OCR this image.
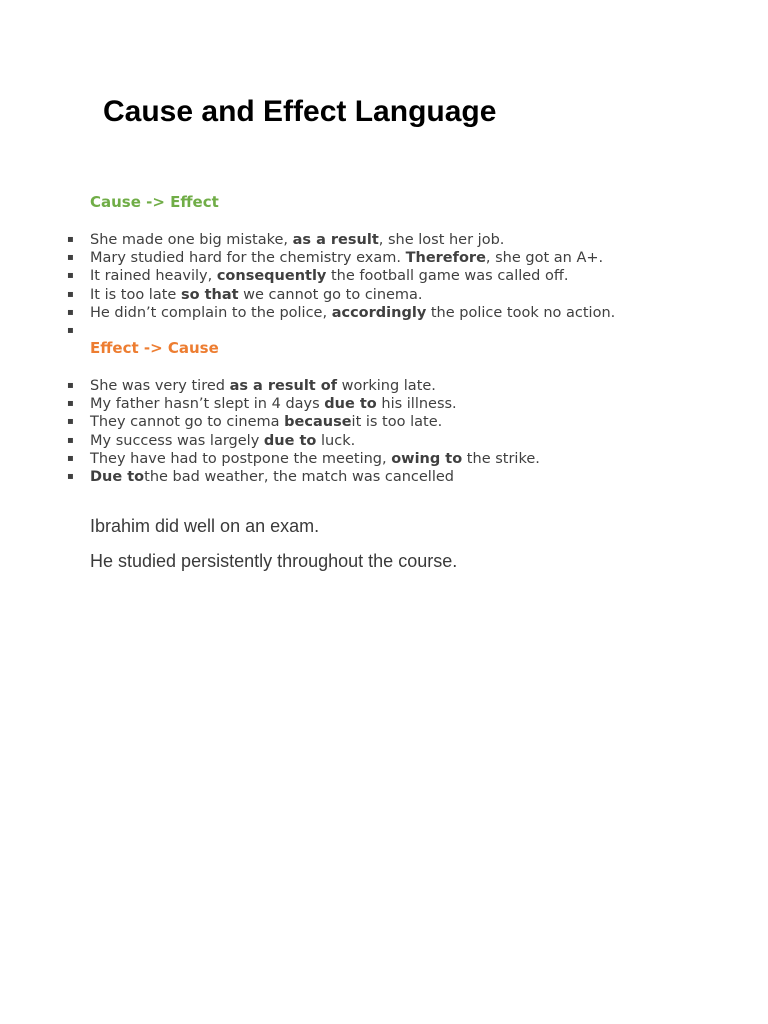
Cause and Effect Language
Cause -> Effect
▪ She made one big mistake, as a result, she lost her job.
▪ Mary studied hard for the chemistry exam. Therefore, she got an A+.
▪ It rained heavily, consequently the football game was called off.
▪ It is too late so that we cannot go to cinema.
▪ He didn’t complain to the police, accordingly the police took no action.
▪
Effect -> Cause
▪ She was very tired as a result of working late.
▪ My father hasn’t slept in 4 days due to his illness.
▪ They cannot go to cinema becauseit is too late.
▪ My success was largely due to luck.
▪ They have had to postpone the meeting, owing to the strike.
▪ Due tothe bad weather, the match was cancelled

Ibrahim did well on an exam.

He studied persistently throughout the course.
